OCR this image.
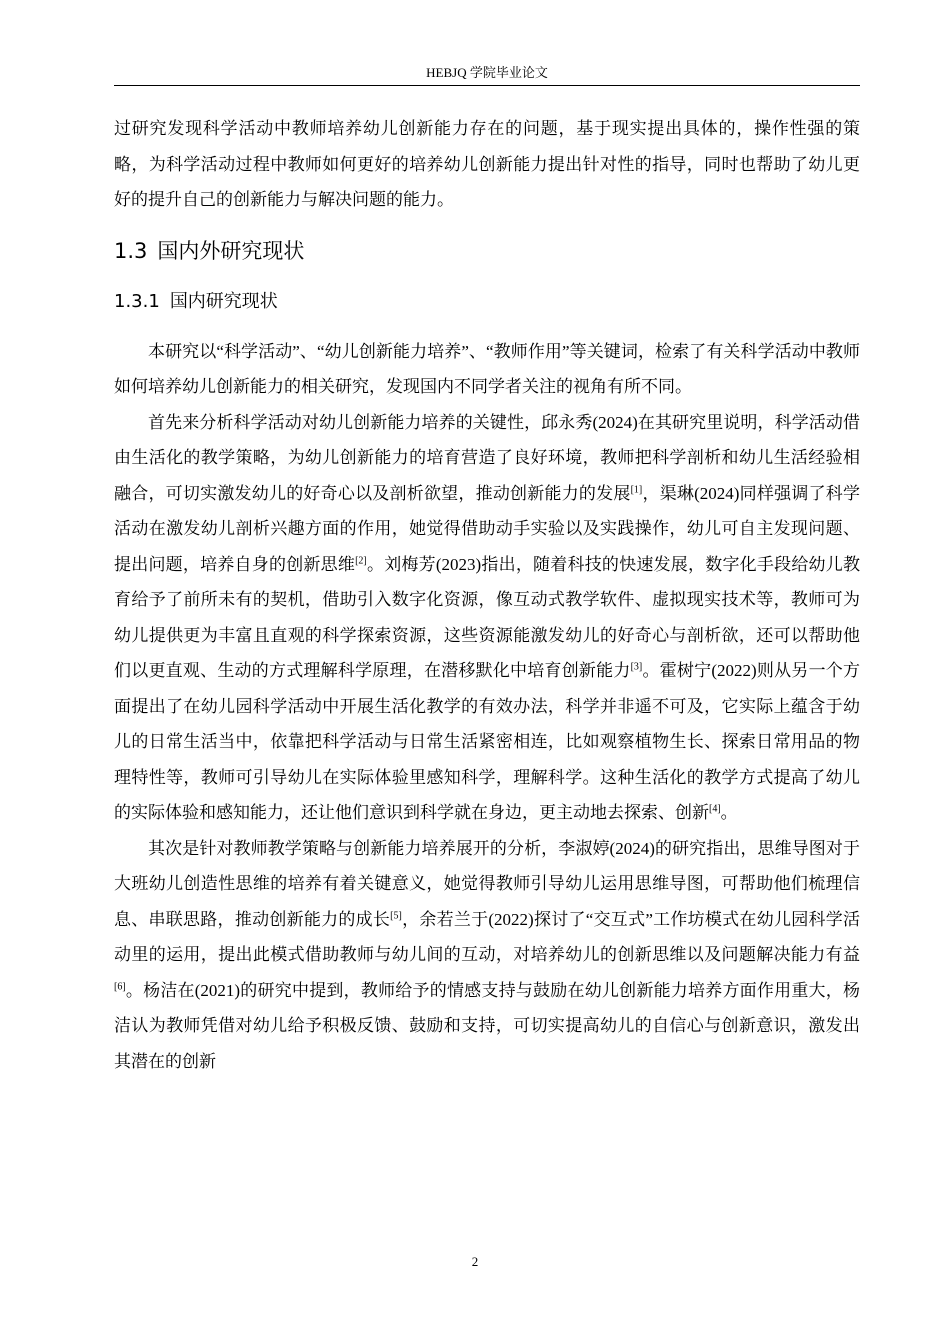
HEBJQ 学院毕业论文

过研究发现科学活动中教师培养幼儿创新能力存在的问题，基于现实提出具体的，操作性强的策略，为科学活动过程中教师如何更好的培养幼儿创新能力提出针对性的指导，同时也帮助了幼儿更好的提升自己的创新能力与解决问题的能力。

1.3 国内外研究现状

1.3.1 国内研究现状

本研究以“科学活动”、“幼儿创新能力培养”、“教师作用”等关键词，检索了有关科学活动中教师如何培养幼儿创新能力的相关研究，发现国内不同学者关注的视角有所不同。

首先来分析科学活动对幼儿创新能力培养的关键性，邱永秀(2024)在其研究里说明，科学活动借由生活化的教学策略，为幼儿创新能力的培育营造了良好环境，教师把科学剖析和幼儿生活经验相融合，可切实激发幼儿的好奇心以及剖析欲望，推动创新能力的发展[1]，渠琳(2024)同样强调了科学活动在激发幼儿剖析兴趣方面的作用，她觉得借助动手实验以及实践操作，幼儿可自主发现问题、提出问题，培养自身的创新思维[2]。刘梅芳(2023)指出，随着科技的快速发展，数字化手段给幼儿教育给予了前所未有的契机，借助引入数字化资源，像互动式教学软件、虚拟现实技术等，教师可为幼儿提供更为丰富且直观的科学探索资源，这些资源能激发幼儿的好奇心与剖析欲，还可以帮助他们以更直观、生动的方式理解科学原理，在潜移默化中培育创新能力[3]。霍树宁(2022)则从另一个方面提出了在幼儿园科学活动中开展生活化教学的有效办法，科学并非遥不可及，它实际上蕴含于幼儿的日常生活当中，依靠把科学活动与日常生活紧密相连，比如观察植物生长、探索日常用品的物理特性等，教师可引导幼儿在实际体验里感知科学，理解科学。这种生活化的教学方式提高了幼儿的实际体验和感知能力，还让他们意识到科学就在身边，更主动地去探索、创新[4]。

其次是针对教师教学策略与创新能力培养展开的分析，李淑婷(2024)的研究指出，思维导图对于大班幼儿创造性思维的培养有着关键意义，她觉得教师引导幼儿运用思维导图，可帮助他们梳理信息、串联思路，推动创新能力的成长[5]，余若兰于(2022)探讨了“交互式”工作坊模式在幼儿园科学活动里的运用，提出此模式借助教师与幼儿间的互动，对培养幼儿的创新思维以及问题解决能力有益[6]。杨洁在(2021)的研究中提到，教师给予的情感支持与鼓励在幼儿创新能力培养方面作用重大，杨洁认为教师凭借对幼儿给予积极反馈、鼓励和支持，可切实提高幼儿的自信心与创新意识，激发出其潜在的创新

2
